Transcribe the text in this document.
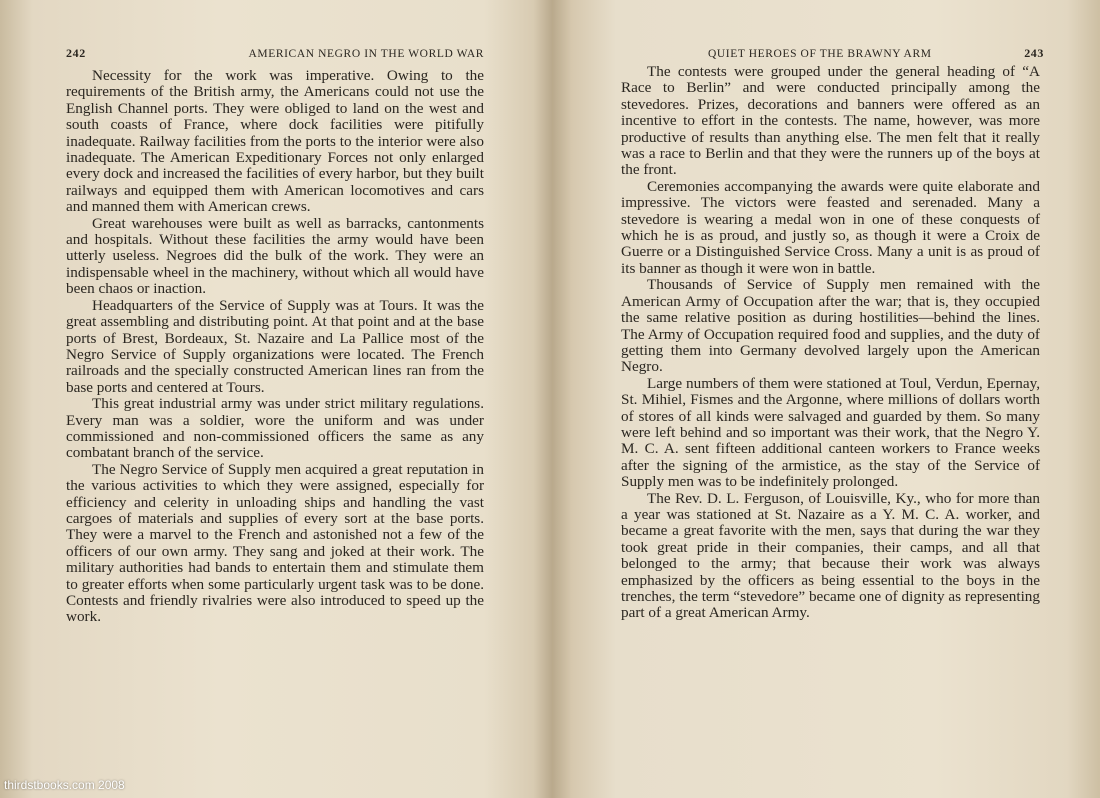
242	AMERICAN NEGRO IN THE WORLD WAR

Necessity for the work was imperative. Owing to the requirements of the British army, the Americans could not use the English Channel ports. They were obliged to land on the west and south coasts of France, where dock facilities were pitifully inadequate. Railway facilities from the ports to the interior were also inadequate. The American Expeditionary Forces not only enlarged every dock and increased the facilities of every harbor, but they built railways and equipped them with American locomotives and cars and manned them with American crews.

Great warehouses were built as well as barracks, cantonments and hospitals. Without these facilities the army would have been utterly useless. Negroes did the bulk of the work. They were an indispensable wheel in the machinery, without which all would have been chaos or inaction.

Headquarters of the Service of Supply was at Tours. It was the great assembling and distributing point. At that point and at the base ports of Brest, Bordeaux, St. Nazaire and La Pallice most of the Negro Service of Supply organizations were located. The French railroads and the specially constructed American lines ran from the base ports and centered at Tours.

This great industrial army was under strict military regulations. Every man was a soldier, wore the uniform and was under commissioned and non-commissioned officers the same as any combatant branch of the service.

The Negro Service of Supply men acquired a great reputation in the various activities to which they were assigned, especially for efficiency and celerity in unloading ships and handling the vast cargoes of materials and supplies of every sort at the base ports. They were a marvel to the French and astonished not a few of the officers of our own army. They sang and joked at their work. The military authorities had bands to entertain them and stimulate them to greater efforts when some particularly urgent task was to be done. Contests and friendly rivalries were also introduced to speed up the work.

QUIET HEROES OF THE BRAWNY ARM	243

The contests were grouped under the general heading of “A Race to Berlin” and were conducted principally among the stevedores. Prizes, decorations and banners were offered as an incentive to effort in the contests. The name, however, was more productive of results than anything else. The men felt that it really was a race to Berlin and that they were the runners up of the boys at the front.

Ceremonies accompanying the awards were quite elaborate and impressive. The victors were feasted and serenaded. Many a stevedore is wearing a medal won in one of these conquests of which he is as proud, and justly so, as though it were a Croix de Guerre or a Distinguished Service Cross. Many a unit is as proud of its banner as though it were won in battle.

Thousands of Service of Supply men remained with the American Army of Occupation after the war; that is, they occupied the same relative position as during hostilities—behind the lines. The Army of Occupation required food and supplies, and the duty of getting them into Germany devolved largely upon the American Negro.

Large numbers of them were stationed at Toul, Verdun, Epernay, St. Mihiel, Fismes and the Argonne, where millions of dollars worth of stores of all kinds were salvaged and guarded by them. So many were left behind and so important was their work, that the Negro Y. M. C. A. sent fifteen additional canteen workers to France weeks after the signing of the armistice, as the stay of the Service of Supply men was to be indefinitely prolonged.

The Rev. D. L. Ferguson, of Louisville, Ky., who for more than a year was stationed at St. Nazaire as a Y. M. C. A. worker, and became a great favorite with the men, says that during the war they took great pride in their companies, their camps, and all that belonged to the army; that because their work was always emphasized by the officers as being essential to the boys in the trenches, the term “stevedore” became one of dignity as representing part of a great American Army.

thirdstbooks.com 2008
